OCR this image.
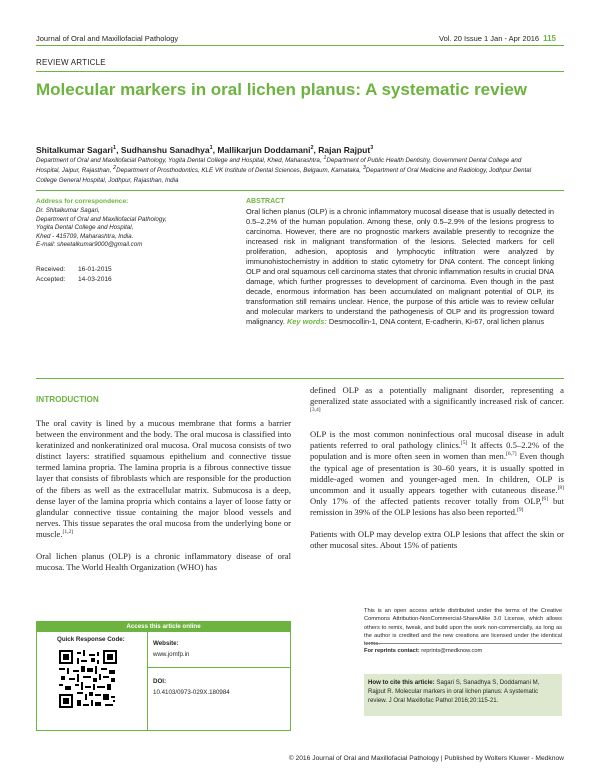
Journal of Oral and Maxillofacial Pathology	Vol. 20 Issue 1 Jan - Apr 2016 115
REVIEW ARTICLE
Molecular markers in oral lichen planus: A systematic review
Shitalkumar Sagari$^1$, Sudhanshu Sanadhya$^1$, Mallikarjun Doddamani$^2$, Rajan Rajput$^3$
Department of Oral and Maxillofacial Pathology, Yogita Dental College and Hospital, Khed, Maharashtra, $^1$Department of Public Health Dentistry, Government Dental College and Hospital, Jaipur, Rajasthan, $^2$Department of Prosthodontics, KLE VK Institute of Dental Sciences, Belgaum, Karnataka, $^3$Department of Oral Medicine and Radiology, Jodhpur Dental College General Hospital, Jodhpur, Rajasthan, India
Address for correspondence:
Dr. Shitalkumar Sagari,
Department of Oral and Maxillofacial Pathology,
Yogita Dental College and Hospital,
Khed - 415709, Maharashtra, India.
E-mail: sheetalkumar9000@gmail.com
Received: 16-01-2015
Accepted: 14-03-2016
ABSTRACT
Oral lichen planus (OLP) is a chronic inflammatory mucosal disease that is usually detected in 0.5–2.2% of the human population. Among these, only 0.5–2.9% of the lesions progress to carcinoma. However, there are no prognostic markers available presently to recognize the increased risk in malignant transformation of the lesions. Selected markers for cell proliferation, adhesion, apoptosis and lymphocytic infiltration were analyzed by immunohistochemistry in addition to static cytometry for DNA content. The concept linking OLP and oral squamous cell carcinoma states that chronic inflammation results in crucial DNA damage, which further progresses to development of carcinoma. Even though in the past decade, enormous information has been accumulated on malignant potential of OLP, its transformation still remains unclear. Hence, the purpose of this article was to review cellular and molecular markers to understand the pathogenesis of OLP and its progression toward malignancy. Key words: Desmocollin-1, DNA content, E-cadherin, Ki-67, oral lichen planus
INTRODUCTION

The oral cavity is lined by a mucous membrane that forms a barrier between the environment and the body. The oral mucosa is classified into keratinized and nonkeratinized oral mucosa. Oral mucosa consists of two distinct layers: stratified squamous epithelium and connective tissue termed lamina propria. The lamina propria is a fibrous connective tissue layer that consists of fibroblasts which are responsible for the production of the fibers as well as the extracellular matrix. Submucosa is a deep, dense layer of the lamina propria which contains a layer of loose fatty or glandular connective tissue containing the major blood vessels and nerves. This tissue separates the oral mucosa from the underlying bone or muscle.[1,2]

Oral lichen planus (OLP) is a chronic inflammatory disease of oral mucosa. The World Health Organization (WHO) has

defined OLP as a potentially malignant disorder, representing a generalized state associated with a significantly increased risk of cancer.[3,4]

OLP is the most common noninfectious oral mucosal disease in adult patients referred to oral pathology clinics.[5] It affects 0.5–2.2% of the population and is more often seen in women than men.[6,7] Even though the typical age of presentation is 30–60 years, it is usually spotted in middle-aged women and younger-aged men. In children, OLP is uncommon and it usually appears together with cutaneous disease.[8] Only 17% of the affected patients recover totally from OLP,[6] but remission in 39% of the OLP lesions has also been reported.[9]

Patients with OLP may develop extra OLP lesions that affect the skin or other mucosal sites. About 15% of patients

Access this article online
Quick Response Code:
Website:
www.jomfp.in
DOI:
10.4103/0973-029X.180984
This is an open access article distributed under the terms of the Creative Commons Attribution-NonCommercial-ShareAlike 3.0 License, which allows others to remix, tweak, and build upon the work non-commercially, as long as the author is credited and the new creations are licensed under the identical terms.
For reprints contact: reprints@medknow.com
How to cite this article: Sagari S, Sanadhya S, Doddamani M, Rajput R. Molecular markers in oral lichen planus: A systematic review. J Oral Maxillofac Pathol 2016;20:115-21.
© 2016 Journal of Oral and Maxillofacial Pathology | Published by Wolters Kluwer - Medknow
